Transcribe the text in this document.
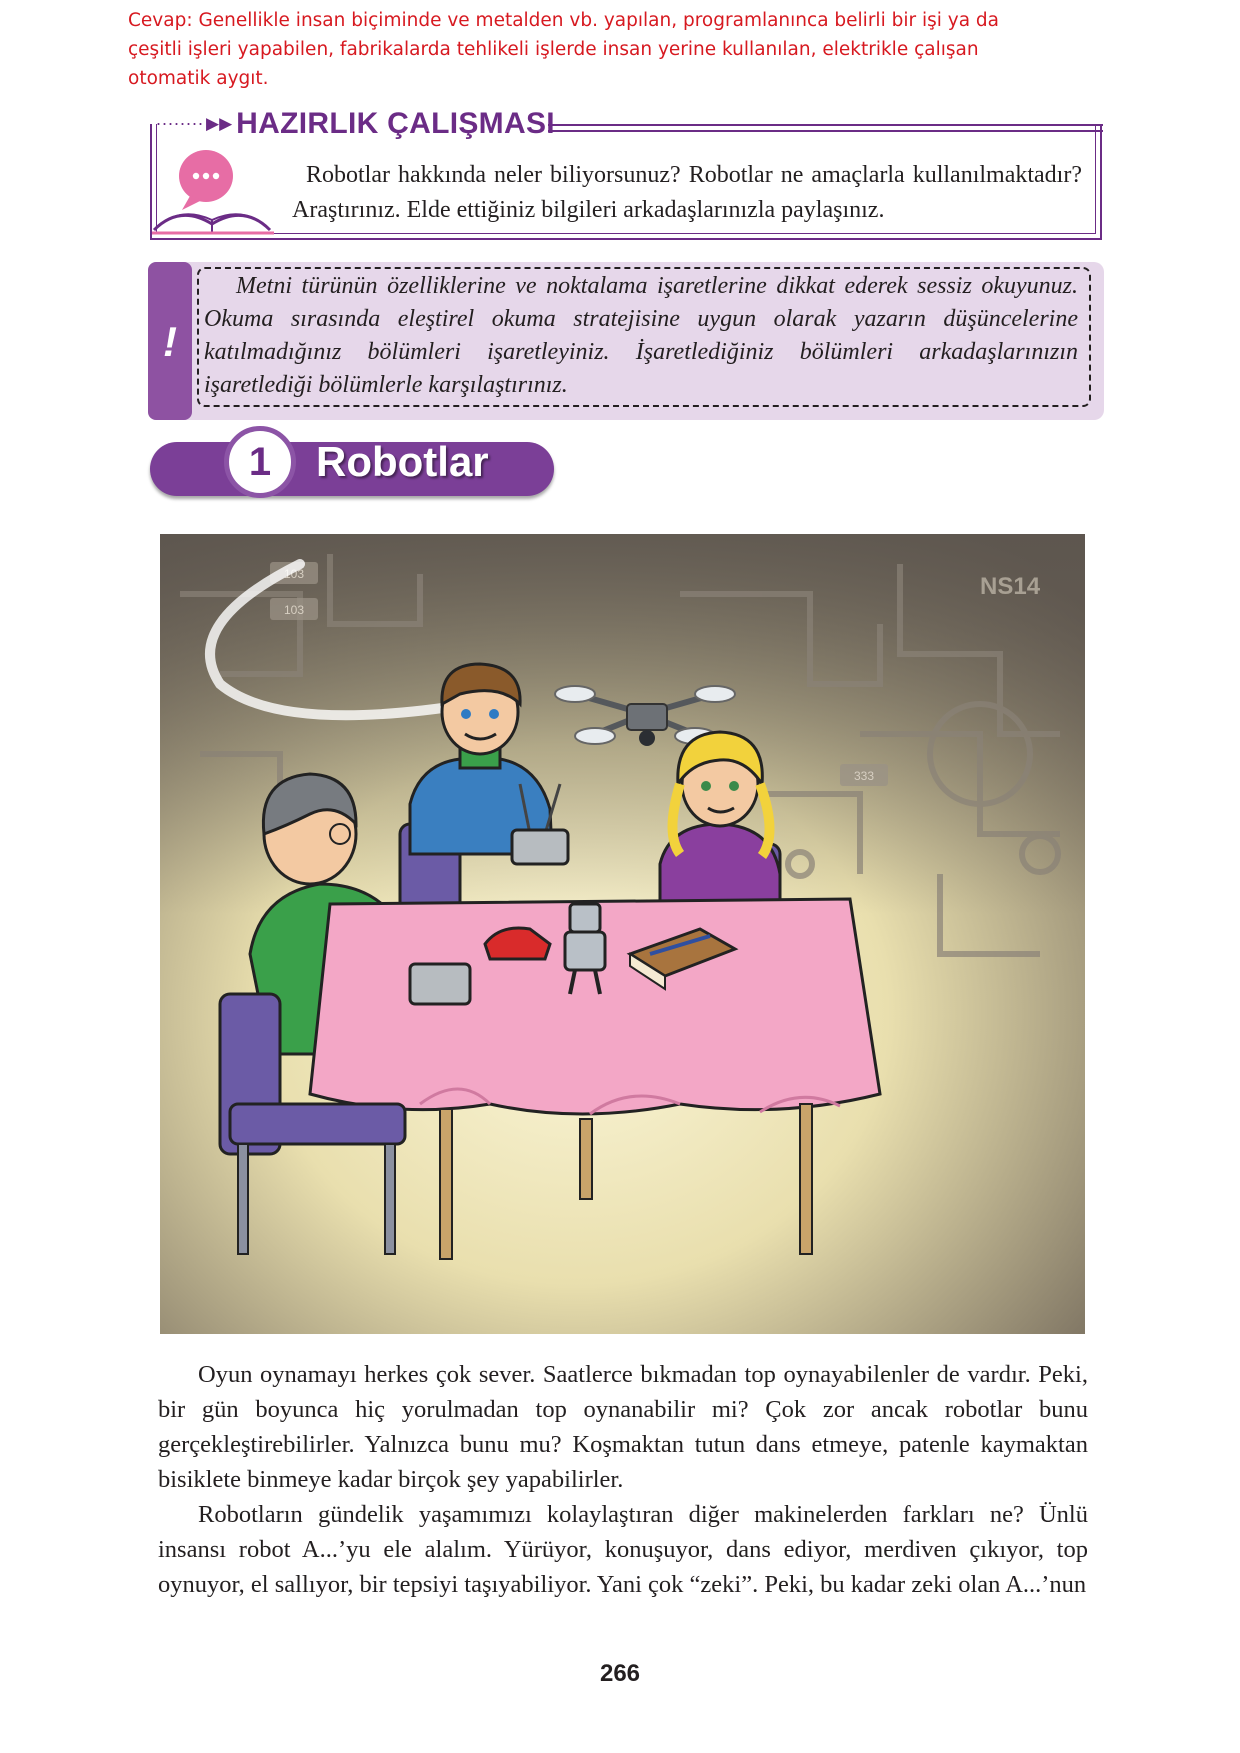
Cevap: Genellikle insan biçiminde ve metalden vb. yapılan, programlanınca belirli bir işi ya da çeşitli işleri yapabilen, fabrikalarda tehlikeli işlerde insan yerine kullanılan, elektrikle çalışan otomatik aygıt.
........ ▶▶ HAZIRLIK ÇALIŞMASI

Robotlar hakkında neler biliyorsunuz? Robotlar ne amaçlarla kullanılmaktadır? Araştırınız. Elde ettiğiniz bilgileri arkadaşlarınızla paylaşınız.

!

Metni türünün özelliklerine ve noktalama işaretlerine dikkat ederek sessiz okuyunuz. Okuma sırasında eleştirel okuma stratejisine uygun olarak yazarın düşüncelerine katılmadığınız bölümleri işaretleyiniz. İşaretlediğiniz bölümleri arkadaşlarınızın işaretlediği bölümlerle karşılaştırınız.

1	Robotlar
103
103
333
NS14

Oyun oynamayı herkes çok sever. Saatlerce bıkmadan top oynayabilenler de vardır. Peki, bir gün boyunca hiç yorulmadan top oynanabilir mi? Çok zor ancak robotlar bunu gerçekleştirebilirler. Yalnızca bunu mu? Koşmaktan tutun dans etmeye, patenle kaymaktan bisiklete binmeye kadar birçok şey yapabilirler.

Robotların gündelik yaşamımızı kolaylaştıran diğer makinelerden farkları ne? Ünlü insansı robot A...’yu ele alalım. Yürüyor, konuşuyor, dans ediyor, merdiven çıkıyor, top oynuyor, el sallıyor, bir tepsiyi taşıyabiliyor. Yani çok “zeki”. Peki, bu kadar zeki olan A...’nun

266
